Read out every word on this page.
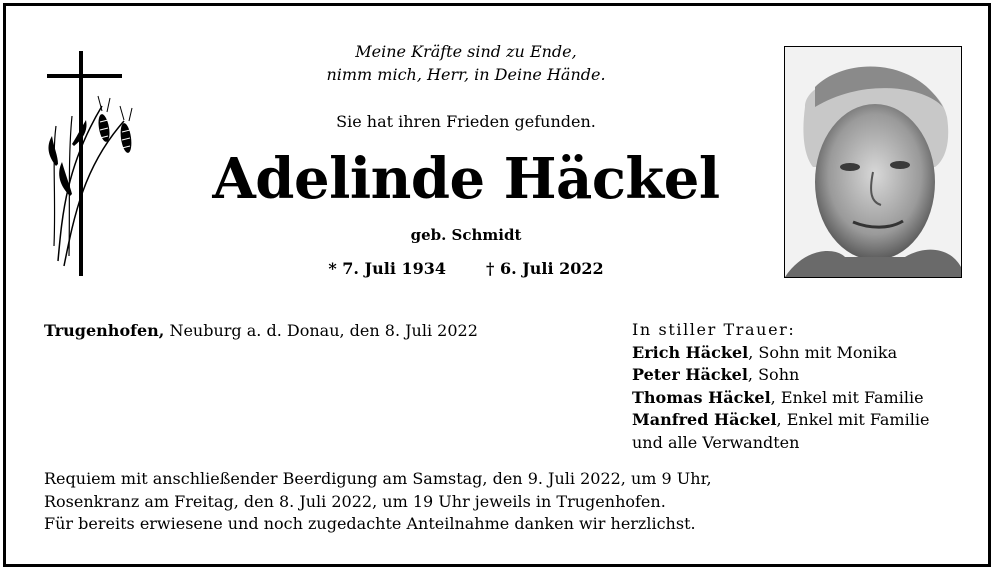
Meine Kräfte sind zu Ende,
nimm mich, Herr, in Deine Hände.
Sie hat ihren Frieden gefunden.
Adelinde Häckel
geb. Schmidt
* 7. Juli 1934	† 6. Juli 2022
Trugenhofen, Neuburg a. d. Donau, den 8. Juli 2022	In stiller Trauer:
Erich Häckel, Sohn mit Monika
Peter Häckel, Sohn
Thomas Häckel, Enkel mit Familie
Manfred Häckel, Enkel mit Familie
und alle Verwandten
Requiem mit anschließender Beerdigung am Samstag, den 9. Juli 2022, um 9 Uhr,
Rosenkranz am Freitag, den 8. Juli 2022, um 19 Uhr jeweils in Trugenhofen.
Für bereits erwiesene und noch zugedachte Anteilnahme danken wir herzlichst.
